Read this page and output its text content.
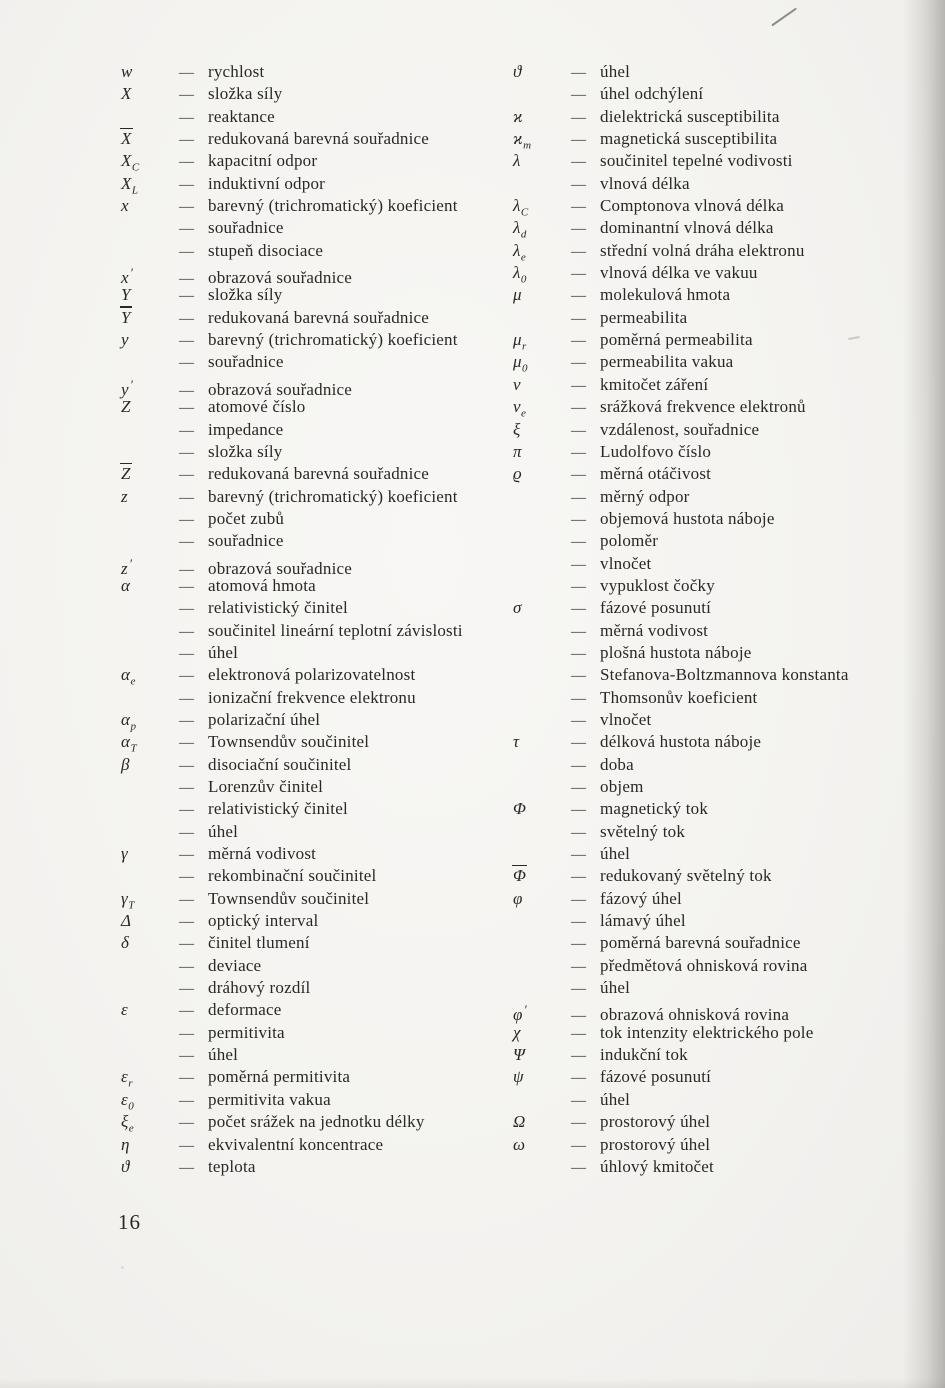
w	— rychlost
X	— složka síly
— reaktance
X	— redukovaná barevná souřadnice
$X_C$	— kapacitní odpor
$X_L$	— induktivní odpor
x	— barevný (trichromatický) koeficient
— souřadnice
— stupeň disociace
x′	— obrazová souřadnice
Y	— složka síly
Y	— redukovaná barevná souřadnice
y	— barevný (trichromatický) koeficient
— souřadnice
y′	— obrazová souřadnice
Z	— atomové číslo
— impedance
— složka síly
Z	— redukovaná barevná souřadnice
z	— barevný (trichromatický) koeficient
— počet zubů
— souřadnice
z′	— obrazová souřadnice
α	— atomová hmota
— relativistický činitel
— součinitel lineární teplotní závislosti
— úhel
$\alpha_e$	— elektronová polarizovatelnost
— ionizační frekvence elektronu
$\alpha_p$	— polarizační úhel
$\alpha_T$	— Townsendův součinitel
β	— disociační součinitel
— Lorenzův činitel
— relativistický činitel
— úhel
γ	— měrná vodivost
— rekombinační součinitel
$\gamma_T$	— Townsendův součinitel
Δ	— optický interval
δ	— činitel tlumení
— deviace
— dráhový rozdíl
ε	— deformace
— permitivita
— úhel
$\varepsilon_r$	— poměrná permitivita
$\varepsilon_0$	— permitivita vakua
$\xi_e$	— počet srážek na jednotku délky
η	— ekvivalentní koncentrace
ϑ	— teplota
ϑ	— úhel
— úhel odchýlení
ϰ	— dielektrická susceptibilita
$ϰ_m$	— magnetická susceptibilita
λ	— součinitel tepelné vodivosti
— vlnová délka
$\lambda_C$	— Comptonova vlnová délka
$\lambda_d$	— dominantní vlnová délka
$\lambda_e$	— střední volná dráha elektronu
$\lambda_0$	— vlnová délka ve vakuu
μ	— molekulová hmota
— permeabilita
$\mu_r$	— poměrná permeabilita
$\mu_0$	— permeabilita vakua
ν	— kmitočet záření
$\nu_e$	— srážková frekvence elektronů
ξ	— vzdálenost, souřadnice
π	— Ludolfovo číslo
ϱ	— měrná otáčivost
— měrný odpor
— objemová hustota náboje
— poloměr
— vlnočet
— vypuklost čočky
σ	— fázové posunutí
— měrná vodivost
— plošná hustota náboje
— Stefanova-Boltzmannova konstanta
— Thomsonův koeficient
— vlnočet
τ	— délková hustota náboje
— doba
— objem
Φ	— magnetický tok
— světelný tok
— úhel
Φ	— redukovaný světelný tok
φ	— fázový úhel
— lámavý úhel
— poměrná barevná souřadnice
— předmětová ohnisková rovina
— úhel
φ′	— obrazová ohnisková rovina
χ	— tok intenzity elektrického pole
Ψ	— indukční tok
ψ	— fázové posunutí
— úhel
Ω	— prostorový úhel
ω	— prostorový úhel
— úhlový kmitočet
16
